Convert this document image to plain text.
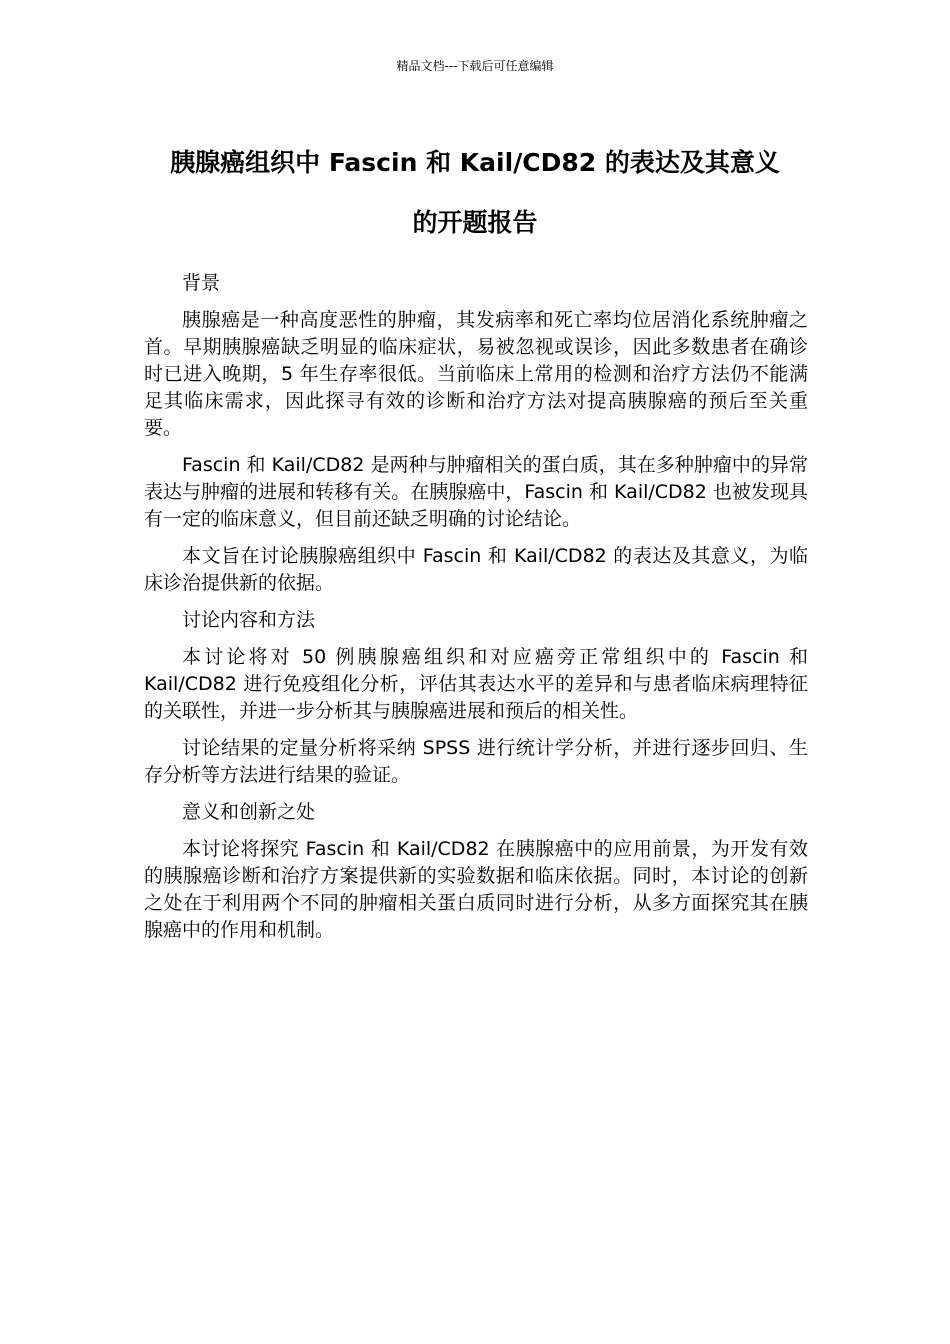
精品文档---下载后可任意编辑
胰腺癌组织中 Fascin 和 Kail/CD82 的表达及其意义
的开题报告

背景

胰腺癌是一种高度恶性的肿瘤，其发病率和死亡率均位居消化系统肿瘤之首。早期胰腺癌缺乏明显的临床症状，易被忽视或误诊，因此多数患者在确诊时已进入晚期，5 年生存率很低。当前临床上常用的检测和治疗方法仍不能满足其临床需求，因此探寻有效的诊断和治疗方法对提高胰腺癌的预后至关重要。

Fascin 和 Kail/CD82 是两种与肿瘤相关的蛋白质，其在多种肿瘤中的异常表达与肿瘤的进展和转移有关。在胰腺癌中，Fascin 和 Kail/CD82 也被发现具有一定的临床意义，但目前还缺乏明确的讨论结论。

本文旨在讨论胰腺癌组织中 Fascin 和 Kail/CD82 的表达及其意义，为临床诊治提供新的依据。

讨论内容和方法

本讨论将对 50 例胰腺癌组织和对应癌旁正常组织中的 Fascin 和 Kail/CD82 进行免疫组化分析，评估其表达水平的差异和与患者临床病理特征的关联性，并进一步分析其与胰腺癌进展和预后的相关性。

讨论结果的定量分析将采纳 SPSS 进行统计学分析，并进行逐步回归、生存分析等方法进行结果的验证。

意义和创新之处

本讨论将探究 Fascin 和 Kail/CD82 在胰腺癌中的应用前景，为开发有效的胰腺癌诊断和治疗方案提供新的实验数据和临床依据。同时，本讨论的创新之处在于利用两个不同的肿瘤相关蛋白质同时进行分析，从多方面探究其在胰腺癌中的作用和机制。
